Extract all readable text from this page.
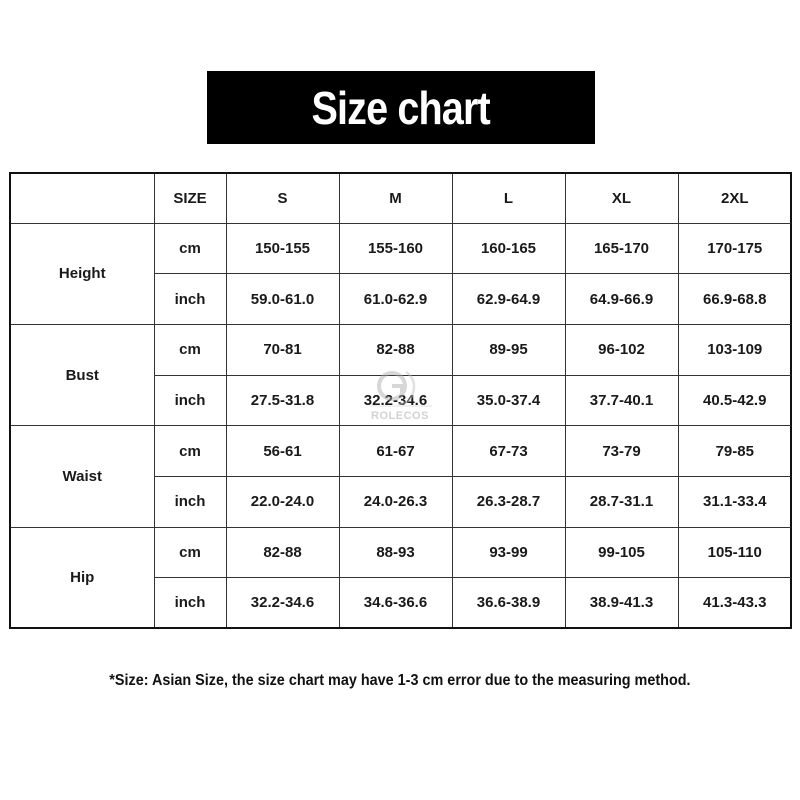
Size chart
	SIZE	S	M	L	XL	2XL
Height	cm	150-155	155-160	160-165	165-170	170-175
	inch	59.0-61.0	61.0-62.9	62.9-64.9	64.9-66.9	66.9-68.8
Bust	cm	70-81	82-88	89-95	96-102	103-109
	inch	27.5-31.8	32.2-34.6	35.0-37.4	37.7-40.1	40.5-42.9
Waist	cm	56-61	61-67	67-73	73-79	79-85
	inch	22.0-24.0	24.0-26.3	26.3-28.7	28.7-31.1	31.1-33.4
Hip	cm	82-88	88-93	93-99	99-105	105-110
	inch	32.2-34.6	34.6-36.6	36.6-38.9	38.9-41.3	41.3-43.3
ROLECOS
*Size: Asian Size, the size chart may have 1-3 cm error due to the measuring method.
